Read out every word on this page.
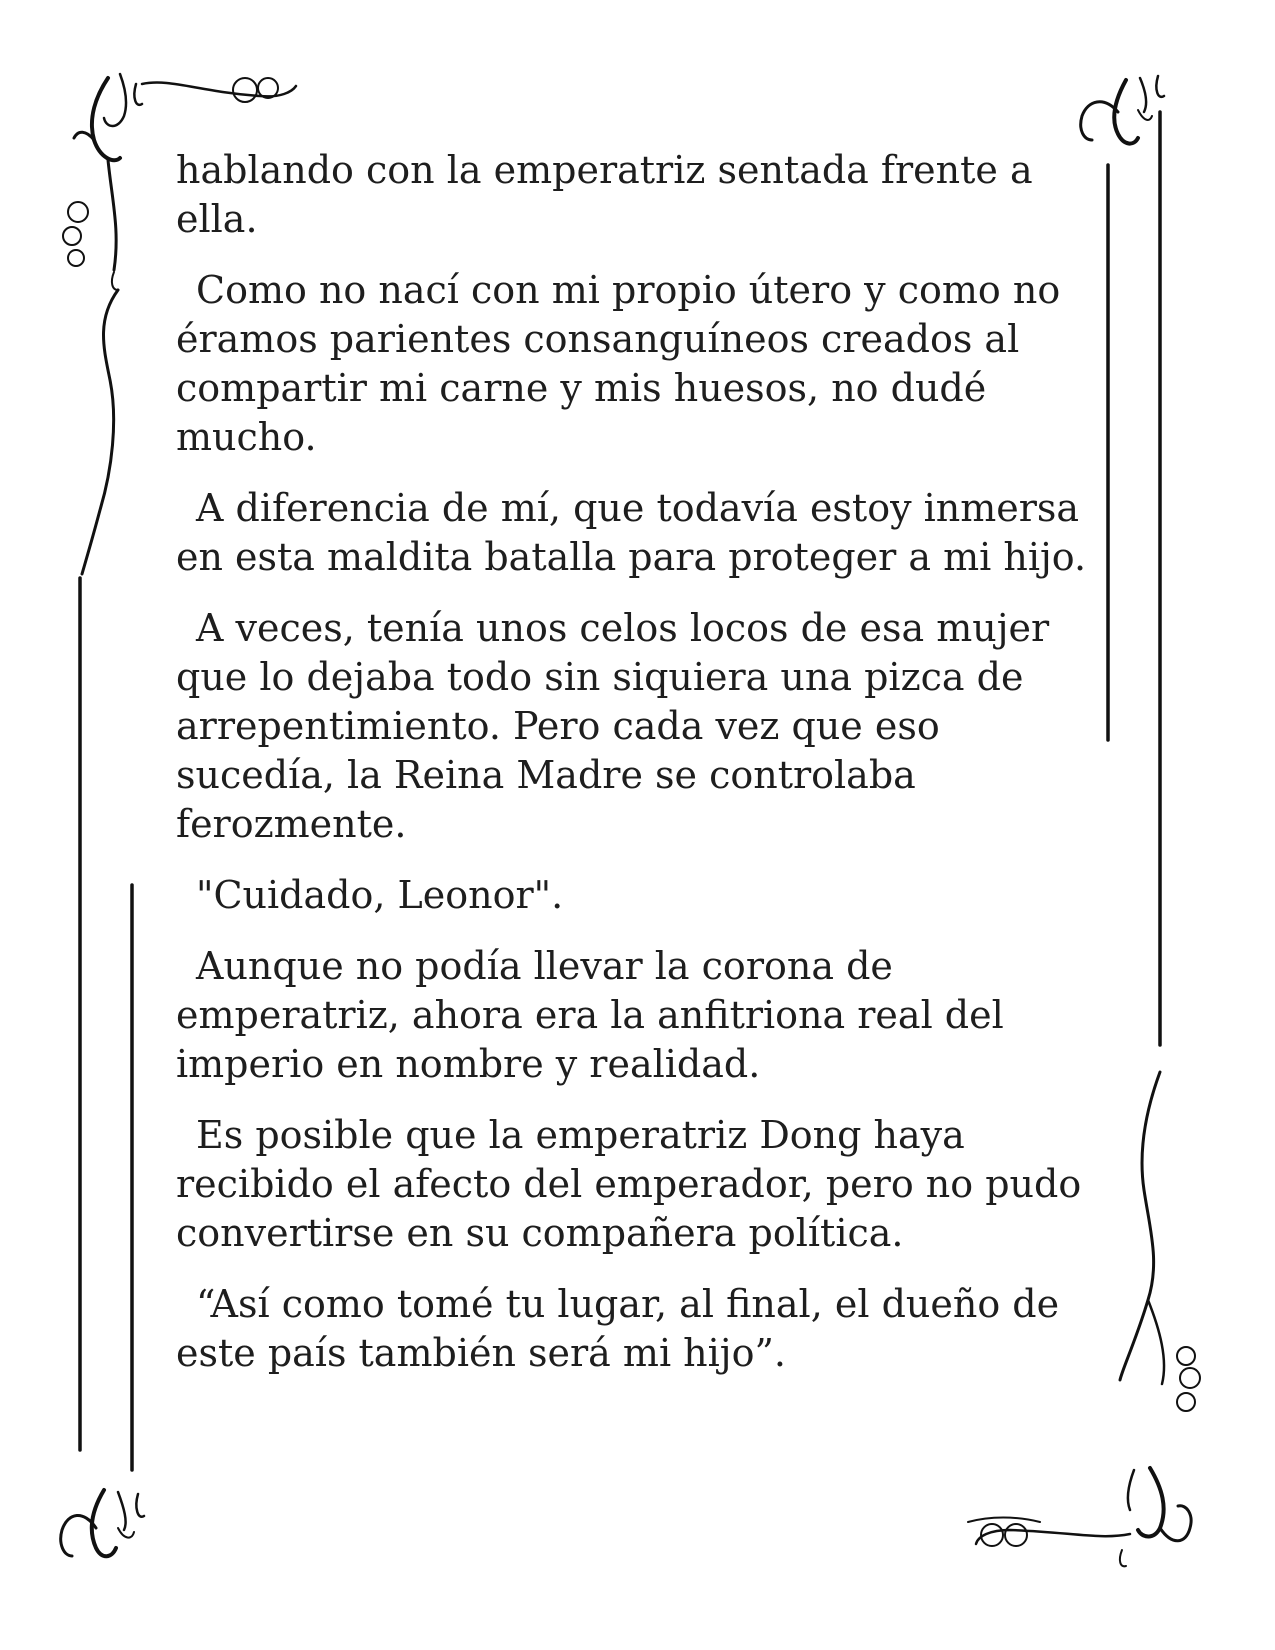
hablando con la emperatriz sentada frente a ella.

Como no nací con mi propio útero y como no éramos parientes consanguíneos creados al compartir mi carne y mis huesos, no dudé mucho.

A diferencia de mí, que todavía estoy inmersa en esta maldita batalla para proteger a mi hijo.

A veces, tenía unos celos locos de esa mujer que lo dejaba todo sin siquiera una pizca de arrepentimiento. Pero cada vez que eso sucedía, la Reina Madre se controlaba ferozmente.

"Cuidado, Leonor".

Aunque no podía llevar la corona de emperatriz, ahora era la anfitriona real del imperio en nombre y realidad.

Es posible que la emperatriz Dong haya recibido el afecto del emperador, pero no pudo convertirse en su compañera política.

“Así como tomé tu lugar, al final, el dueño de este país también será mi hijo”.
